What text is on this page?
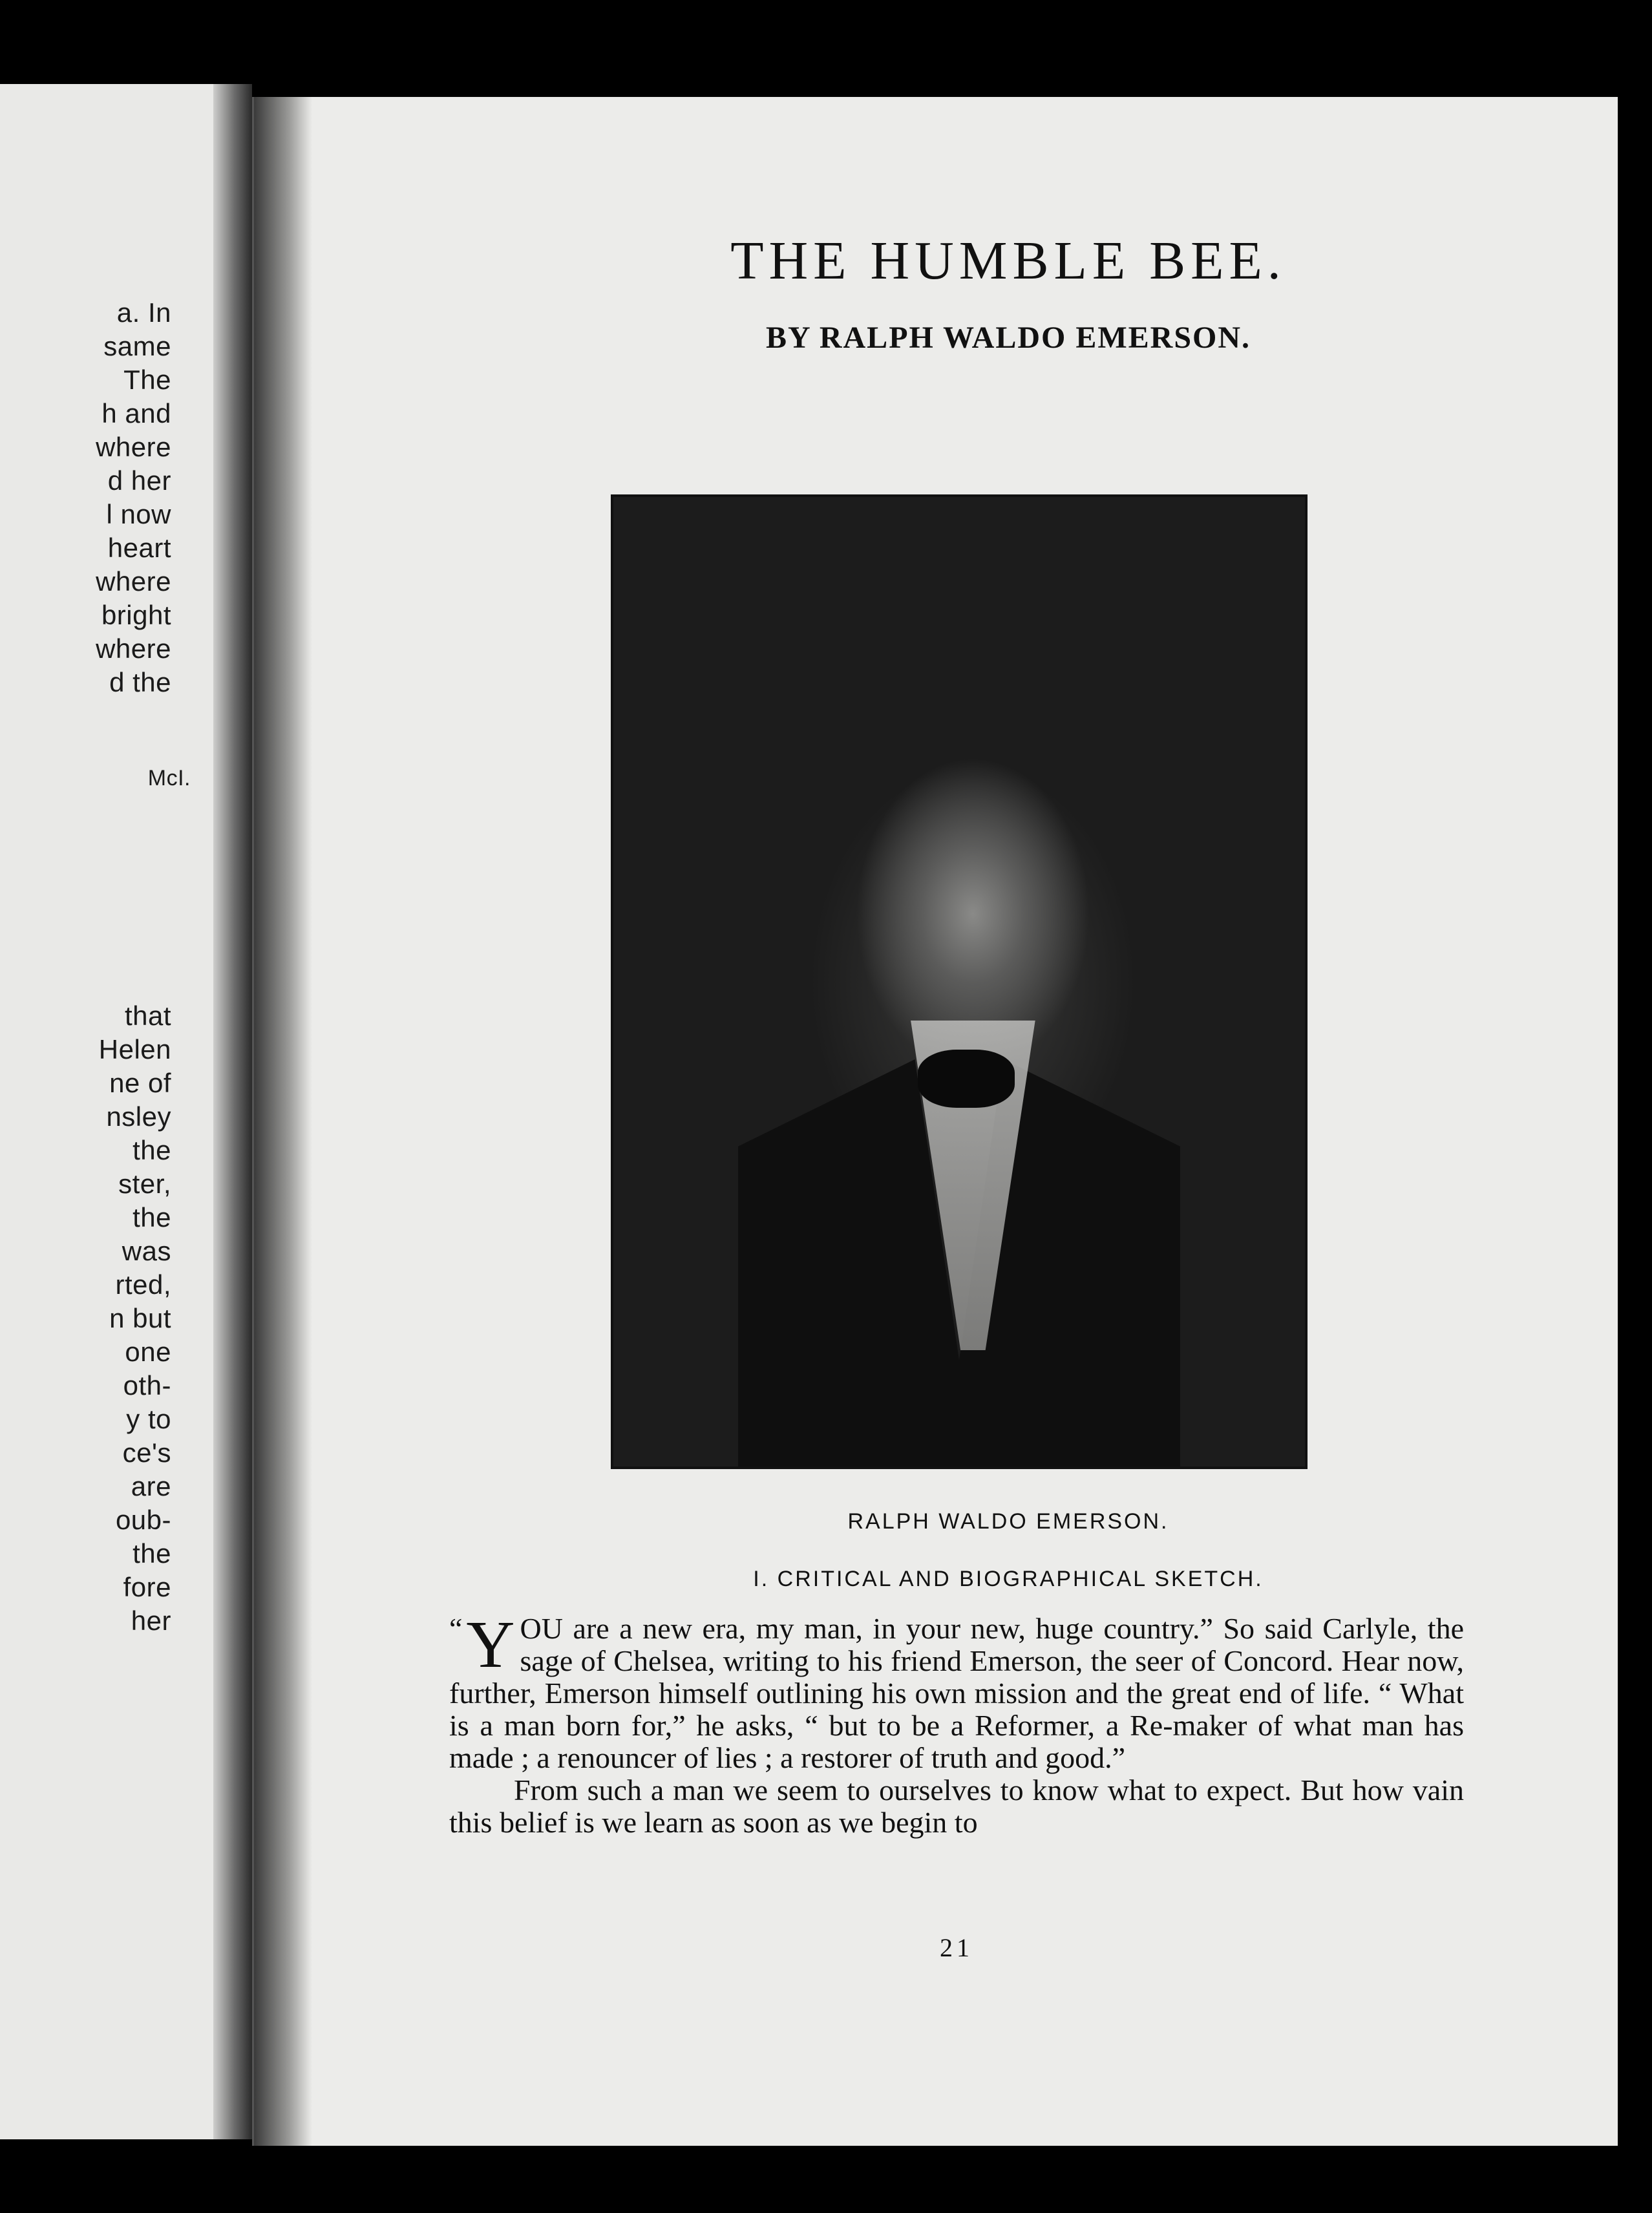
a. In
same
The
h and
where
d her
l now
heart
where
bright
where
d the
McI.
that
Helen
ne of
nsley
the
ster,
the
was
rted,
n but
one
oth-
y to
ce's
are
oub-
the
fore
her
THE HUMBLE BEE.
BY RALPH WALDO EMERSON.

RALPH WALDO EMERSON.

I. CRITICAL AND BIOGRAPHICAL SKETCH.

“ Y OU are a new era, my man, in your new, huge country.” So said Carlyle, the sage of Chelsea, writing to his friend Emerson, the seer of Concord. Hear now, further, Emerson himself outlining his own mission and the great end of life. “ What is a man born for,” he asks, “ but to be a Reformer, a Re-maker of what man has made ; a renouncer of lies ; a restorer of truth and good.”

From such a man we seem to ourselves to know what to expect. But how vain this belief is we learn as soon as we begin to

21
